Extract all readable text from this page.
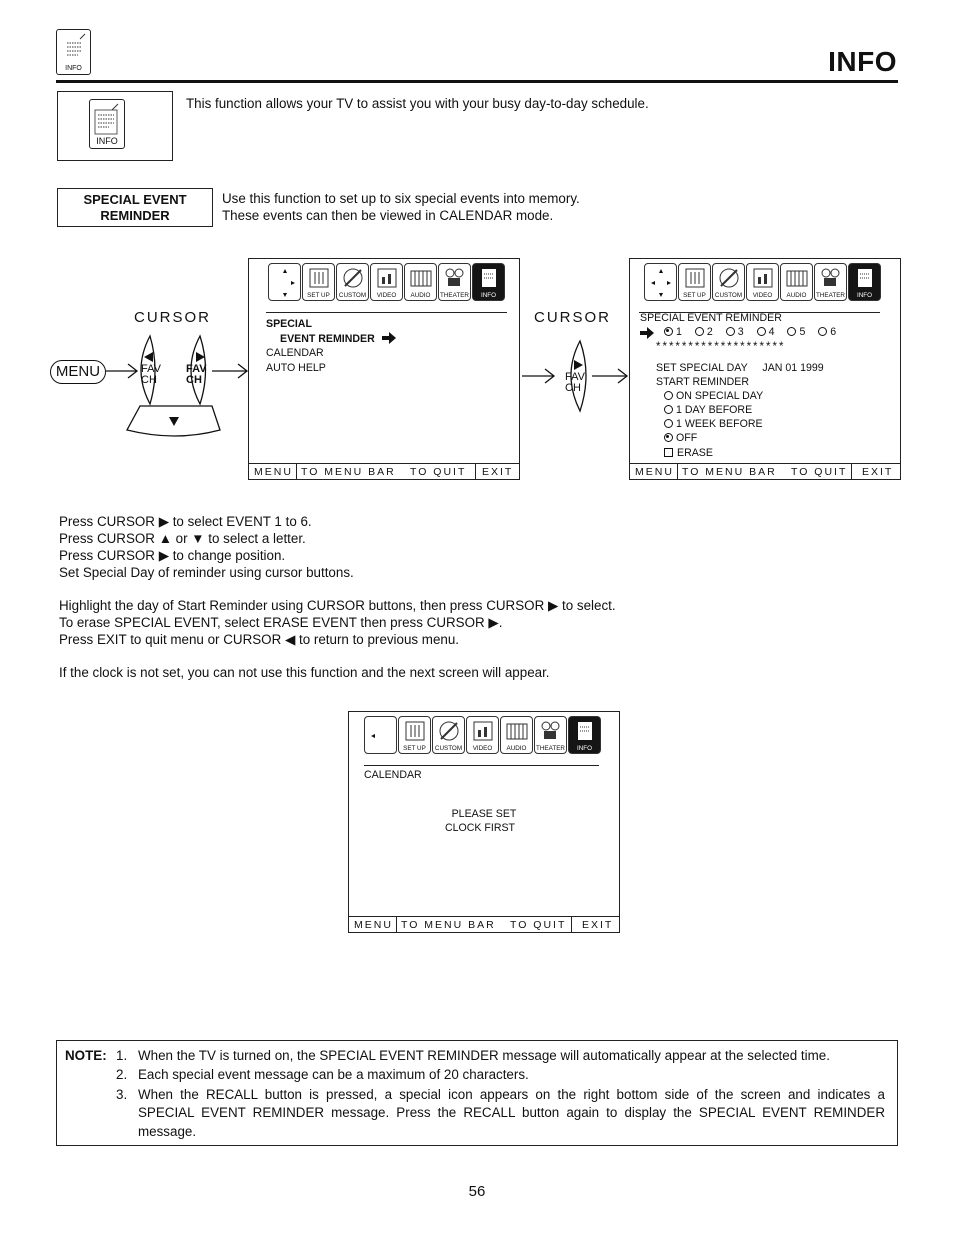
INFO	INFO
INFO
This function allows your TV to assist you with your busy day-to-day schedule.
SPECIAL EVENT
REMINDER
Use this function to set up to six special events into memory.
These events can then be viewed in CALENDAR mode.
CURSOR
MENU	FAV
CH
FAV
CH
SET UP	CUSTOM	VIDEO	AUDIO	THEATER	INFO
SPECIAL
EVENT REMINDER
CALENDAR
AUTO HELP
MENU TO MENU BAR TO QUIT EXIT
CURSOR
FAV
CH
SET UP	CUSTOM	VIDEO	AUDIO	THEATER	INFO
SPECIAL EVENT REMINDER
1 2 3 4 5 6
* * * * * * * * * * * * * * * * * * * *
SET SPECIAL DAY JAN 01 1999
START REMINDER
ON SPECIAL DAY
1 DAY BEFORE
1 WEEK BEFORE
OFF
ERASE
MENU TO MENU BAR TO QUIT EXIT
Press CURSOR ▶ to select EVENT 1 to 6.
Press CURSOR ▲ or ▼ to select a letter.
Press CURSOR ▶ to change position.
Set Special Day of reminder using cursor buttons.
Highlight the day of Start Reminder using CURSOR buttons, then press CURSOR ▶ to select.
To erase SPECIAL EVENT, select ERASE EVENT then press CURSOR ▶.
Press EXIT to quit menu or CURSOR ◀ to return to previous menu.
If the clock is not set, you can not use this function and the next screen will appear.
SET UP	CUSTOM	VIDEO	AUDIO	THEATER	INFO
CALENDAR
PLEASE SET
CLOCK FIRST
MENU TO MENU BAR TO QUIT EXIT
NOTE: 1. When the TV is turned on, the SPECIAL EVENT REMINDER message will automatically appear at the selected time.
2. Each special event message can be a maximum of 20 characters.
3. When the RECALL button is pressed, a special icon appears on the right bottom side of the screen and indicates a
SPECIAL EVENT REMINDER message. Press the RECALL button again to display the SPECIAL EVENT REMINDER
message.
56
